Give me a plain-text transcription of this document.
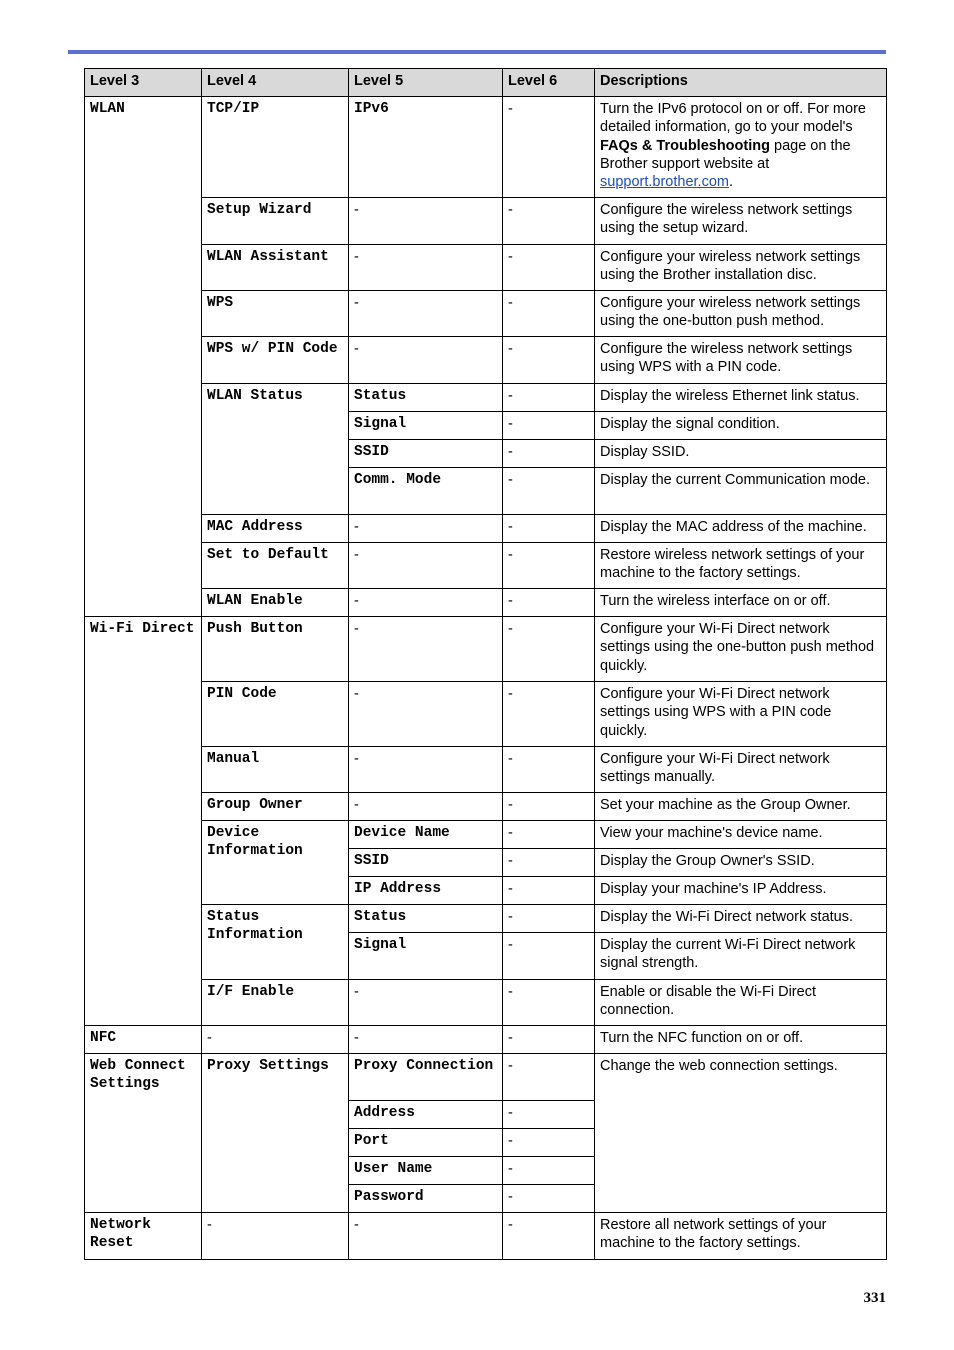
Level 3	Level 4	Level 5	Level 6	Descriptions
WLAN	TCP/IP	IPv6	-	Turn the IPv6 protocol on or off. For more detailed information, go to your model's FAQs & Troubleshooting page on the Brother support website at support.brother.com.
	Setup Wizard	-	-	Configure the wireless network settings using the setup wizard.
	WLAN Assistant	-	-	Configure your wireless network settings using the Brother installation disc.
	WPS	-	-	Configure your wireless network settings using the one-button push method.
	WPS w/ PIN Code	-	-	Configure the wireless network settings using WPS with a PIN code.
	WLAN Status	Status	-	Display the wireless Ethernet link status.
		Signal	-	Display the signal condition.
		SSID	-	Display SSID.
		Comm. Mode	-	Display the current Communication mode.
	MAC Address	-	-	Display the MAC address of the machine.
	Set to Default	-	-	Restore wireless network settings of your machine to the factory settings.
	WLAN Enable	-	-	Turn the wireless interface on or off.
Wi-Fi Direct	Push Button	-	-	Configure your Wi-Fi Direct network settings using the one-button push method quickly.
	PIN Code	-	-	Configure your Wi-Fi Direct network settings using WPS with a PIN code quickly.
	Manual	-	-	Configure your Wi-Fi Direct network settings manually.
	Group Owner	-	-	Set your machine as the Group Owner.
	Device Information	Device Name	-	View your machine's device name.
		SSID	-	Display the Group Owner's SSID.
		IP Address	-	Display your machine's IP Address.
	Status Information	Status	-	Display the Wi-Fi Direct network status.
		Signal	-	Display the current Wi-Fi Direct network signal strength.
	I/F Enable	-	-	Enable or disable the Wi-Fi Direct connection.
NFC	-	-	-	Turn the NFC function on or off.
Web Connect Settings	Proxy Settings	Proxy Connection	-	Change the web connection settings.
		Address	-	
		Port	-	
		User Name	-	
		Password	-	
Network Reset	-	-	-	Restore all network settings of your machine to the factory settings.
331
